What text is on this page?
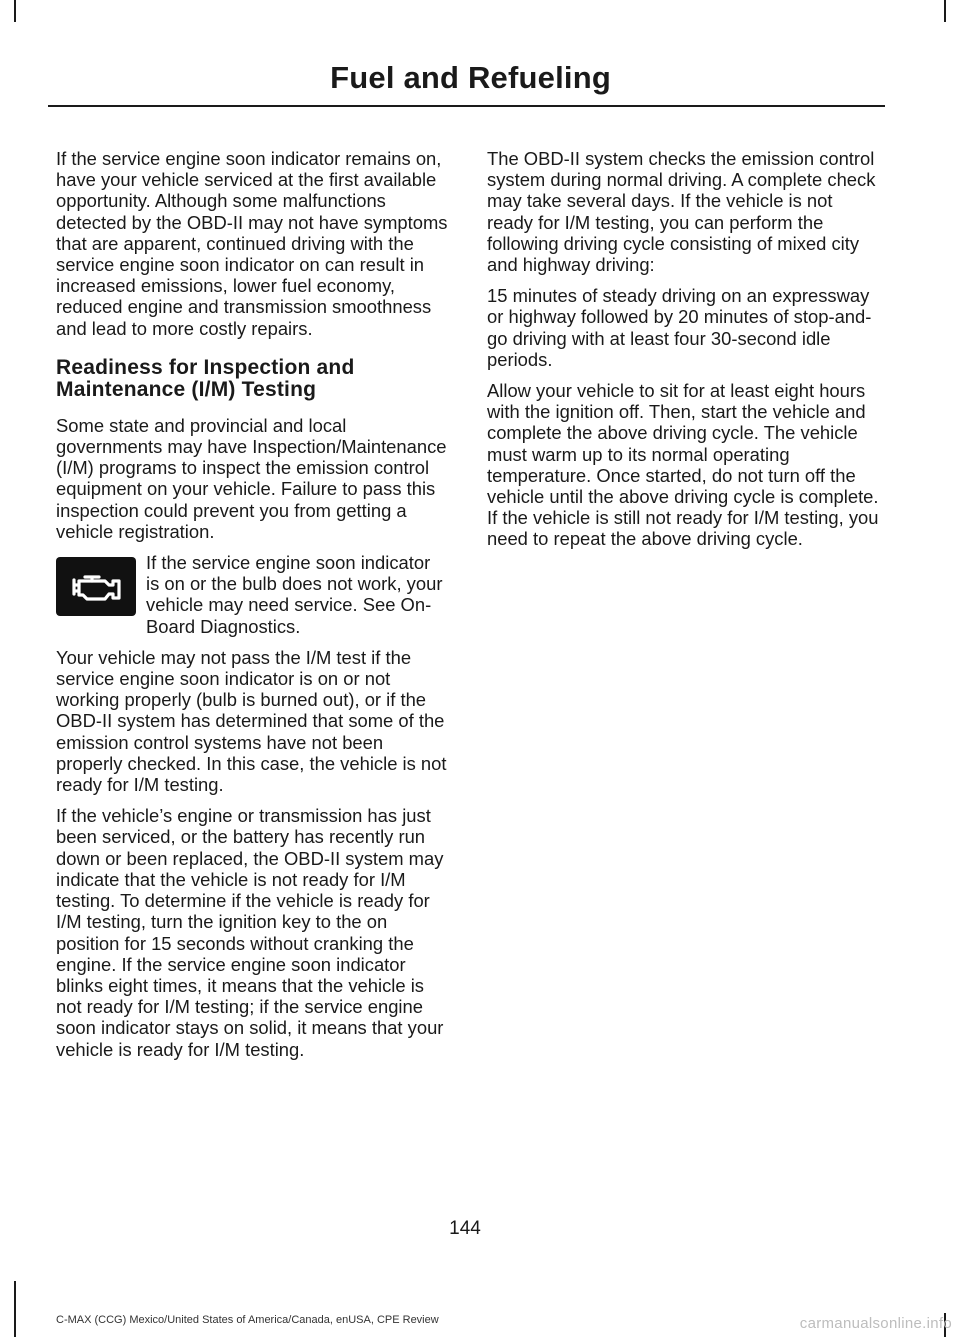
Fuel and Refueling

If the service engine soon indicator remains on, have your vehicle serviced at the first available opportunity. Although some malfunctions detected by the OBD-II may not have symptoms that are apparent, continued driving with the service engine soon indicator on can result in increased emissions, lower fuel economy, reduced engine and transmission smoothness and lead to more costly repairs.

Readiness for Inspection and Maintenance (I/M) Testing

Some state and provincial and local governments may have Inspection/Maintenance (I/M) programs to inspect the emission control equipment on your vehicle. Failure to pass this inspection could prevent you from getting a vehicle registration.

If the service engine soon indicator is on or the bulb does not work, your vehicle may need service. See On-Board Diagnostics.

Your vehicle may not pass the I/M test if the service engine soon indicator is on or not working properly (bulb is burned out), or if the OBD-II system has determined that some of the emission control systems have not been properly checked. In this case, the vehicle is not ready for I/M testing.

If the vehicle’s engine or transmission has just been serviced, or the battery has recently run down or been replaced, the OBD-II system may indicate that the vehicle is not ready for I/M testing. To determine if the vehicle is ready for I/M testing, turn the ignition key to the on position for 15 seconds without cranking the engine. If the service engine soon indicator blinks eight times, it means that the vehicle is not ready for I/M testing; if the service engine soon indicator stays on solid, it means that your vehicle is ready for I/M testing.

The OBD-II system checks the emission control system during normal driving. A complete check may take several days. If the vehicle is not ready for I/M testing, you can perform the following driving cycle consisting of mixed city and highway driving:

15 minutes of steady driving on an expressway or highway followed by 20 minutes of stop-and-go driving with at least four 30-second idle periods.

Allow your vehicle to sit for at least eight hours with the ignition off. Then, start the vehicle and complete the above driving cycle. The vehicle must warm up to its normal operating temperature. Once started, do not turn off the vehicle until the above driving cycle is complete. If the vehicle is still not ready for I/M testing, you need to repeat the above driving cycle.

144
C-MAX (CCG) Mexico/United States of America/Canada, enUSA, CPE Review	carmanualsonline.info
